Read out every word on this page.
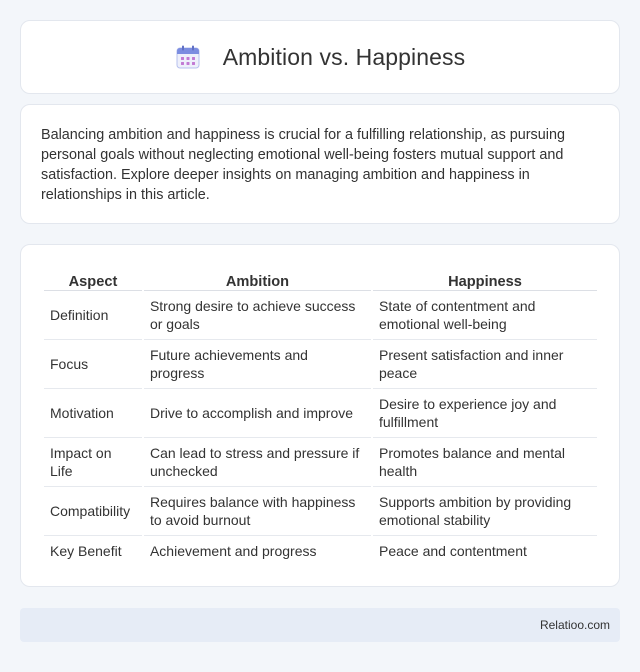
Ambition vs. Happiness

Balancing ambition and happiness is crucial for a fulfilling relationship, as pursuing personal goals without neglecting emotional well-being fosters mutual support and satisfaction. Explore deeper insights on managing ambition and happiness in relationships in this article.

Aspect	Ambition	Happiness
Definition	Strong desire to achieve success or goals	State of contentment and emotional well-being
Focus	Future achievements and progress	Present satisfaction and inner peace
Motivation	Drive to accomplish and improve	Desire to experience joy and fulfillment
Impact on Life	Can lead to stress and pressure if unchecked	Promotes balance and mental health
Compatibility	Requires balance with happiness to avoid burnout	Supports ambition by providing emotional stability
Key Benefit	Achievement and progress	Peace and contentment
Relatioo.com
